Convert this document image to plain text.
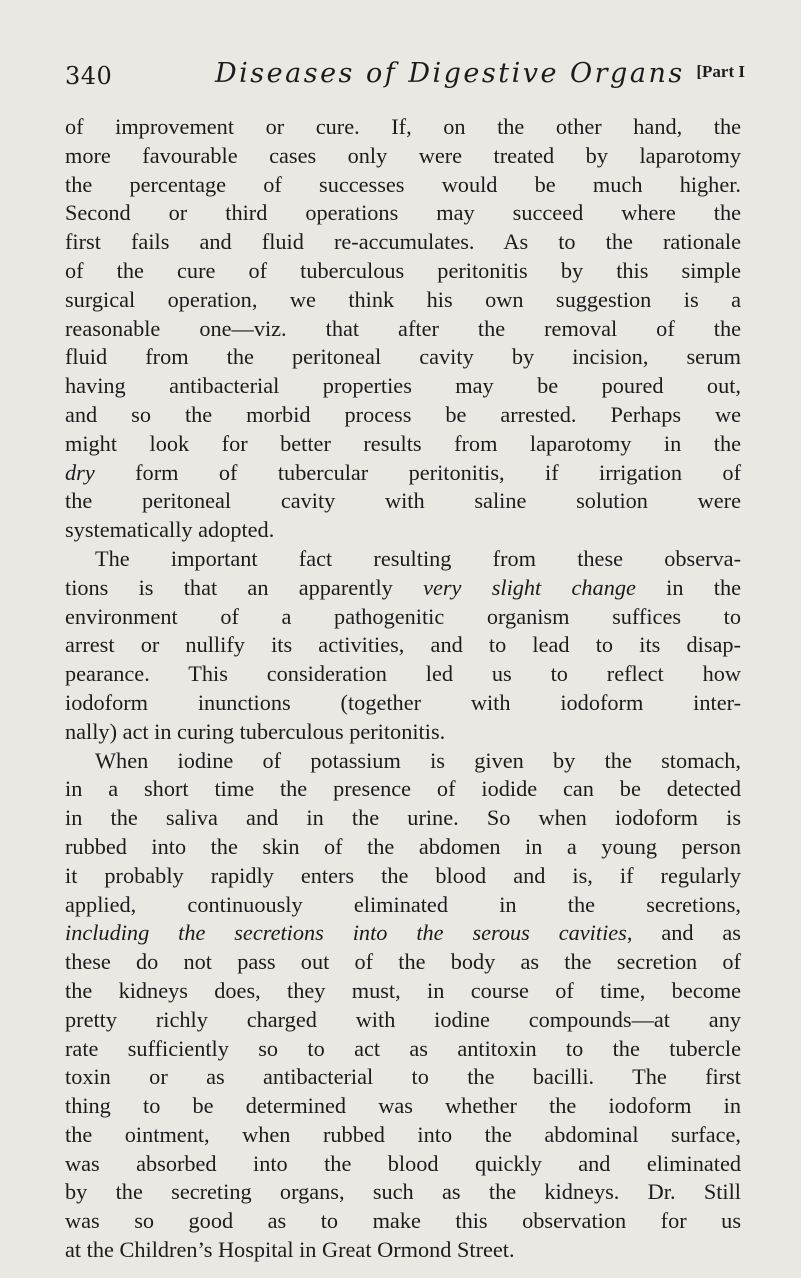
340	Diseases of Digestive Organs [Part I
of improvement or cure. If, on the other hand, the
more favourable cases only were treated by laparotomy
the percentage of successes would be much higher.
Second or third operations may succeed where the
first fails and fluid re-accumulates. As to the rationale
of the cure of tuberculous peritonitis by this simple
surgical operation, we think his own suggestion is a
reasonable one—viz. that after the removal of the
fluid from the peritoneal cavity by incision, serum
having antibacterial properties may be poured out,
and so the morbid process be arrested. Perhaps we
might look for better results from laparotomy in the
dry form of tubercular peritonitis, if irrigation of
the peritoneal cavity with saline solution were
systematically adopted.
The important fact resulting from these observa-
tions is that an apparently very slight change in the
environment of a pathogenitic organism suffices to
arrest or nullify its activities, and to lead to its disap-
pearance. This consideration led us to reflect how
iodoform inunctions (together with iodoform inter-
nally) act in curing tuberculous peritonitis.
When iodine of potassium is given by the stomach,
in a short time the presence of iodide can be detected
in the saliva and in the urine. So when iodoform is
rubbed into the skin of the abdomen in a young person
it probably rapidly enters the blood and is, if regularly
applied, continuously eliminated in the secretions,
including the secretions into the serous cavities, and as
these do not pass out of the body as the secretion of
the kidneys does, they must, in course of time, become
pretty richly charged with iodine compounds—at any
rate sufficiently so to act as antitoxin to the tubercle
toxin or as antibacterial to the bacilli. The first
thing to be determined was whether the iodoform in
the ointment, when rubbed into the abdominal surface,
was absorbed into the blood quickly and eliminated
by the secreting organs, such as the kidneys. Dr. Still
was so good as to make this observation for us
at the Children’s Hospital in Great Ormond Street.
